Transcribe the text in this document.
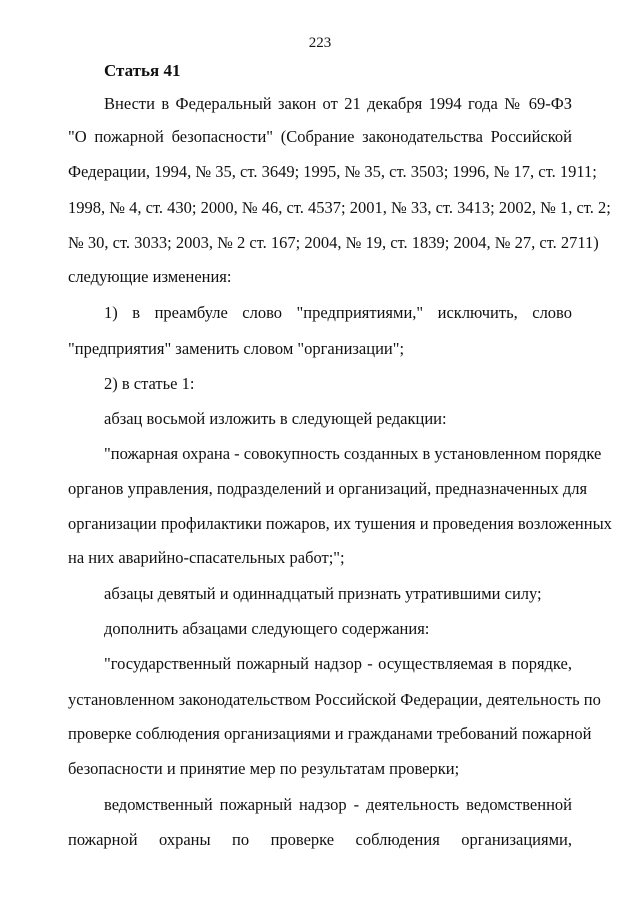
223
Статья 41
Внести в Федеральный закон от 21 декабря 1994 года № 69-ФЗ
"О пожарной безопасности" (Собрание законодательства Российской
Федерации, 1994, № 35, ст. 3649; 1995, № 35, ст. 3503; 1996, № 17, ст. 1911;
1998, № 4, ст. 430; 2000, № 46, ст. 4537; 2001, № 33, ст. 3413; 2002, № 1, ст. 2;
№ 30, ст. 3033; 2003, № 2 ст. 167; 2004, № 19, ст. 1839; 2004, № 27, ст. 2711)
следующие изменения:
1) в преамбуле слово "предприятиями," исключить, слово
"предприятия" заменить словом "организации";
2) в статье 1:
абзац восьмой изложить в следующей редакции:
"пожарная охрана - совокупность созданных в установленном порядке
органов управления, подразделений и организаций, предназначенных для
организации профилактики пожаров, их тушения и проведения возложенных
на них аварийно-спасательных работ;";
абзацы девятый и одиннадцатый признать утратившими силу;
дополнить абзацами следующего содержания:
"государственный пожарный надзор - осуществляемая в порядке,
установленном законодательством Российской Федерации, деятельность по
проверке соблюдения организациями и гражданами требований пожарной
безопасности и принятие мер по результатам проверки;
ведомственный пожарный надзор - деятельность ведомственной
пожарной охраны по проверке соблюдения организациями,
